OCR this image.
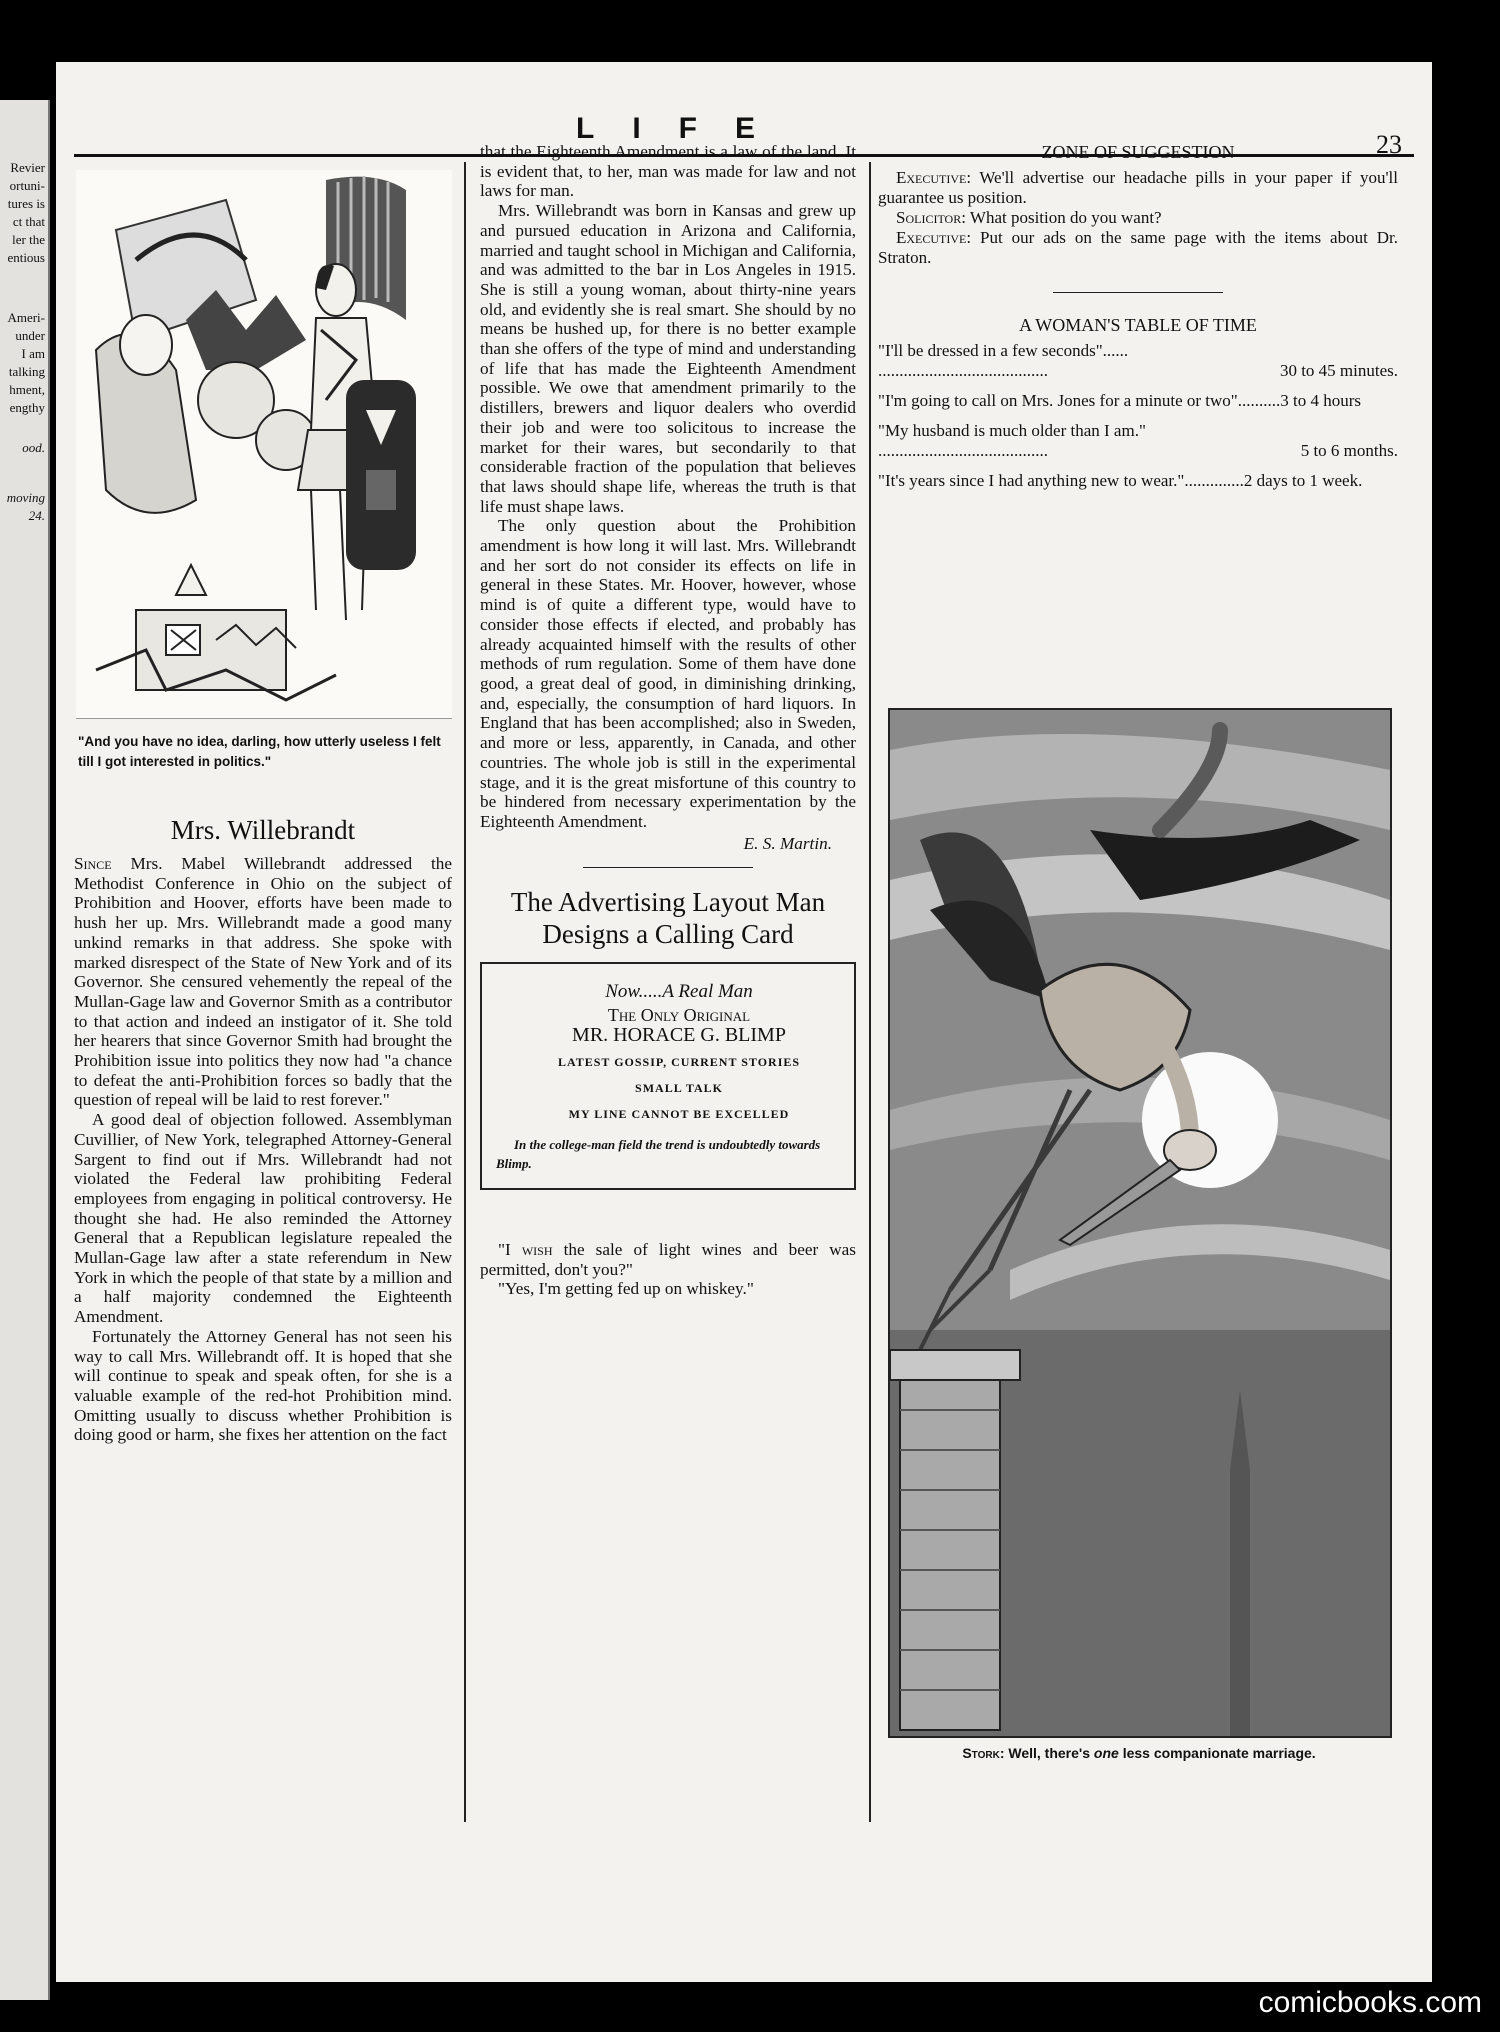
Revier
ortuni-
tures is
ct that
ler the
entious
Ameri-
under
I am
talking
hment,
engthy
ood.
moving
24.
LIFE	23
"And you have no idea, darling, how utterly useless I felt till I got interested in politics."
Mrs. Willebrandt

Since Mrs. Mabel Willebrandt addressed the Methodist Conference in Ohio on the subject of Prohibition and Hoover, efforts have been made to hush her up. Mrs. Willebrandt made a good many unkind remarks in that address. She spoke with marked disrespect of the State of New York and of its Governor. She censured vehemently the repeal of the Mullan-Gage law and Governor Smith as a contributor to that action and indeed an instigator of it. She told her hearers that since Governor Smith had brought the Prohibition issue into politics they now had "a chance to defeat the anti-Prohibition forces so badly that the question of repeal will be laid to rest forever."

A good deal of objection followed. Assemblyman Cuvillier, of New York, telegraphed Attorney-General Sargent to find out if Mrs. Willebrandt had not violated the Federal law prohibiting Federal employees from engaging in political controversy. He thought she had. He also reminded the Attorney General that a Republican legislature repealed the Mullan-Gage law after a state referendum in New York in which the people of that state by a million and a half majority condemned the Eighteenth Amendment.

Fortunately the Attorney General has not seen his way to call Mrs. Willebrandt off. It is hoped that she will continue to speak and speak often, for she is a valuable example of the red-hot Prohibition mind. Omitting usually to discuss whether Prohibition is doing good or harm, she fixes her attention on the fact

that the Eighteenth Amendment is a law of the land. It is evident that, to her, man was made for law and not laws for man.

Mrs. Willebrandt was born in Kansas and grew up and pursued education in Arizona and California, married and taught school in Michigan and California, and was admitted to the bar in Los Angeles in 1915. She is still a young woman, about thirty-nine years old, and evidently she is real smart. She should by no means be hushed up, for there is no better example than she offers of the type of mind and understanding of life that has made the Eighteenth Amendment possible. We owe that amendment primarily to the distillers, brewers and liquor dealers who overdid their job and were too solicitous to increase the market for their wares, but secondarily to that considerable fraction of the population that believes that laws should shape life, whereas the truth is that life must shape laws.

The only question about the Prohibition amendment is how long it will last. Mrs. Willebrandt and her sort do not consider its effects on life in general in these States. Mr. Hoover, however, whose mind is of quite a different type, would have to consider those effects if elected, and probably has already acquainted himself with the results of other methods of rum regulation. Some of them have done good, a great deal of good, in diminishing drinking, and, especially, the consumption of hard liquors. In England that has been accomplished; also in Sweden, and more or less, apparently, in Canada, and other countries. The whole job is still in the experimental stage, and it is the great misfortune of this country to be hindered from necessary experimentation by the Eighteenth Amendment.

E. S. Martin.
The Advertising Layout Man Designs a Calling Card

Now.....A Real Man

The Only Original

MR. HORACE G. BLIMP

LATEST GOSSIP, CURRENT STORIES

SMALL TALK

MY LINE CANNOT BE EXCELLED

In the college-man field the trend is undoubtedly towards Blimp.

"I wish the sale of light wines and beer was permitted, don't you?"

"Yes, I'm getting fed up on whiskey."

ZONE OF SUGGESTION

Executive: We'll advertise our headache pills in your paper if you'll guarantee us position.

Solicitor: What position do you want?

Executive: Put our ads on the same page with the items about Dr. Straton.

A WOMAN'S TABLE OF TIME
"I'll be dressed in a few seconds"......
........................................	30 to 45 minutes.
"I'm going to call on Mrs. Jones for a minute or two"..........3 to 4 hours
"My husband is much older than I am."
........................................	5 to 6 months.
"It's years since I had anything new to wear."..............2 days to 1 week.
Stork: Well, there's one less companionate marriage.
comicbooks.com
